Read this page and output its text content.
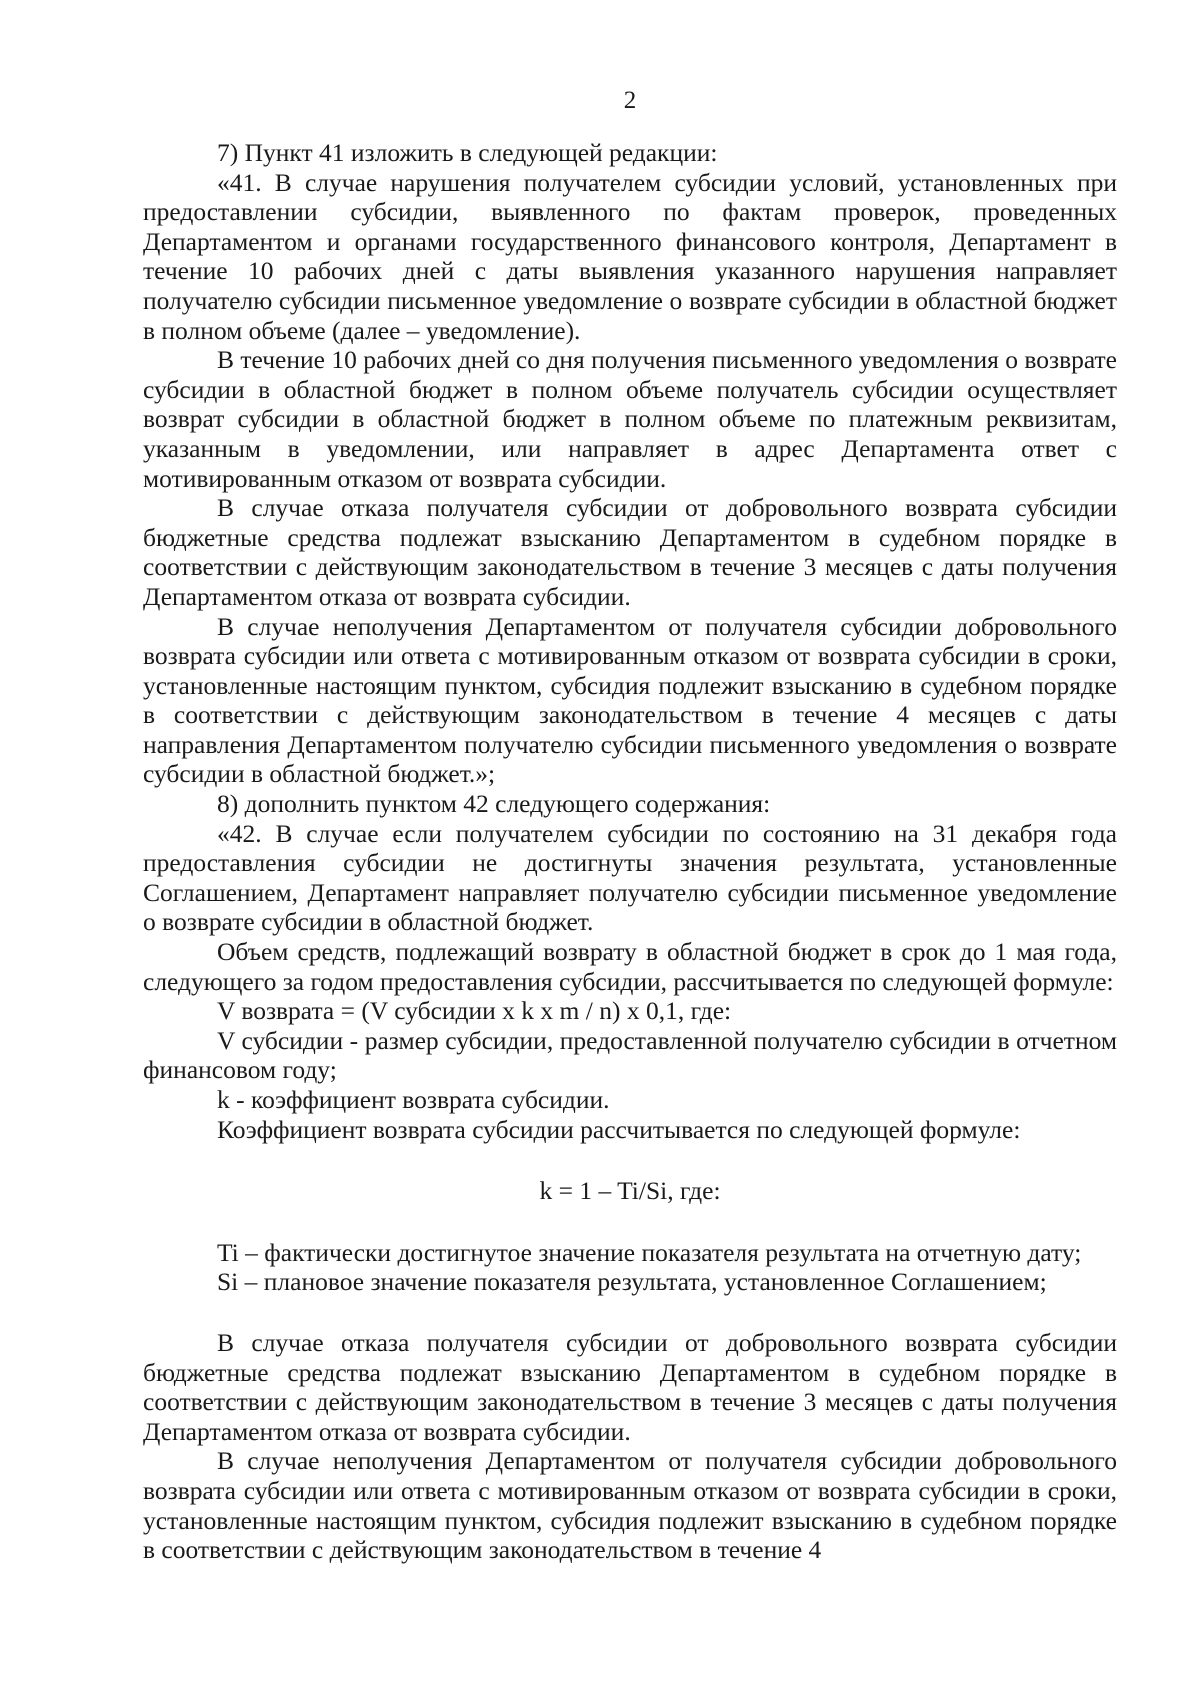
2

7) Пункт 41 изложить в следующей редакции:

«41. В случае нарушения получателем субсидии условий, установленных при предоставлении субсидии, выявленного по фактам проверок, проведенных Департаментом и органами государственного финансового контроля, Департамент в течение 10 рабочих дней с даты выявления указанного нарушения направляет получателю субсидии письменное уведомление о возврате субсидии в областной бюджет в полном объеме (далее – уведомление).

В течение 10 рабочих дней со дня получения письменного уведомления о возврате субсидии в областной бюджет в полном объеме получатель субсидии осуществляет возврат субсидии в областной бюджет в полном объеме по платежным реквизитам, указанным в уведомлении, или направляет в адрес Департамента ответ с мотивированным отказом от возврата субсидии.

В случае отказа получателя субсидии от добровольного возврата субсидии бюджетные средства подлежат взысканию Департаментом в судебном порядке в соответствии с действующим законодательством в течение 3 месяцев с даты получения Департаментом отказа от возврата субсидии.

В случае неполучения Департаментом от получателя субсидии добровольного возврата субсидии или ответа с мотивированным отказом от возврата субсидии в сроки, установленные настоящим пунктом, субсидия подлежит взысканию в судебном порядке в соответствии с действующим законодательством в течение 4 месяцев с даты направления Департаментом получателю субсидии письменного уведомления о возврате субсидии в областной бюджет.»;

8) дополнить пунктом 42 следующего содержания:

«42. В случае если получателем субсидии по состоянию на 31 декабря года предоставления субсидии не достигнуты значения результата, установленные Соглашением, Департамент направляет получателю субсидии письменное уведомление о возврате субсидии в областной бюджет.

Объем средств, подлежащий возврату в областной бюджет в срок до 1 мая года, следующего за годом предоставления субсидии, рассчитывается по следующей формуле:

V возврата = (V субсидии х k х m / n) х 0,1, где:

V субсидии - размер субсидии, предоставленной получателю субсидии в отчетном финансовом году;

k - коэффициент возврата субсидии.

Коэффициент возврата субсидии рассчитывается по следующей формуле:

k = 1 – Ti/Si, где:

Ti – фактически достигнутое значение показателя результата на отчетную дату;

Si – плановое значение показателя результата, установленное Соглашением;

В случае отказа получателя субсидии от добровольного возврата субсидии бюджетные средства подлежат взысканию Департаментом в судебном порядке в соответствии с действующим законодательством в течение 3 месяцев с даты получения Департаментом отказа от возврата субсидии.

В случае неполучения Департаментом от получателя субсидии добровольного возврата субсидии или ответа с мотивированным отказом от возврата субсидии в сроки, установленные настоящим пунктом, субсидия подлежит взысканию в судебном порядке в соответствии с действующим законодательством в течение 4
